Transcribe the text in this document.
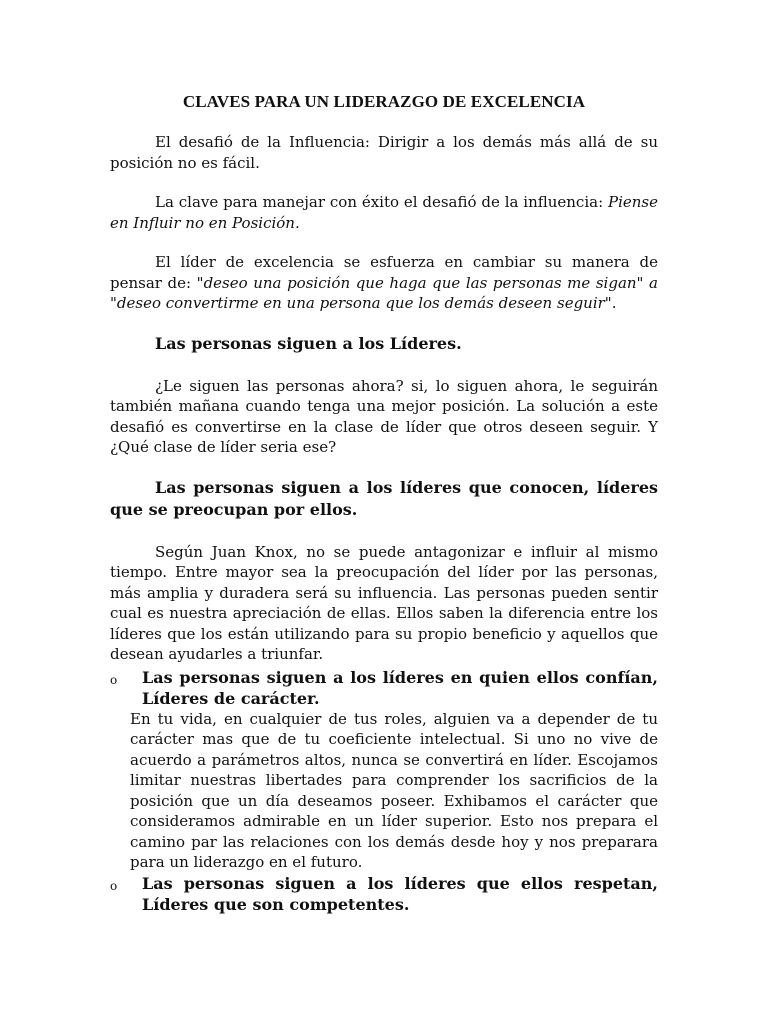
CLAVES PARA UN LIDERAZGO DE EXCELENCIA

El desafió de la Influencia: Dirigir a los demás más allá de su posición no es fácil.

La clave para manejar con éxito el desafió de la influencia: Piense en Influir no en Posición.

El líder de excelencia se esfuerza en cambiar su manera de pensar de: "deseo una posición que haga que las personas me sigan" a "deseo convertirme en una persona que los demás deseen seguir".

Las personas siguen a los Líderes.

¿Le siguen las personas ahora? si, lo siguen ahora, le seguirán también mañana cuando tenga una mejor posición. La solución a este desafió es convertirse en la clase de líder que otros deseen seguir. Y ¿Qué clase de líder seria ese?

Las personas siguen a los líderes que conocen, líderes que se preocupan por ellos.

Según Juan Knox, no se puede antagonizar e influir al mismo tiempo. Entre mayor sea la preocupación del líder por las personas, más amplia y duradera será su influencia. Las personas pueden sentir cual es nuestra apreciación de ellas. Ellos saben la diferencia entre los líderes que los están utilizando para su propio beneficio y aquellos que desean ayudarles a triunfar.

o Las personas siguen a los líderes en quien ellos confían, Líderes de carácter.

En tu vida, en cualquier de tus roles, alguien va a depender de tu carácter mas que de tu coeficiente intelectual. Si uno no vive de acuerdo a parámetros altos, nunca se convertirá en líder. Escojamos limitar nuestras libertades para comprender los sacrificios de la posición que un día deseamos poseer. Exhibamos el carácter que consideramos admirable en un líder superior. Esto nos prepara el camino par las relaciones con los demás desde hoy y nos preparara para un liderazgo en el futuro.

o Las personas siguen a los líderes que ellos respetan, Líderes que son competentes.
